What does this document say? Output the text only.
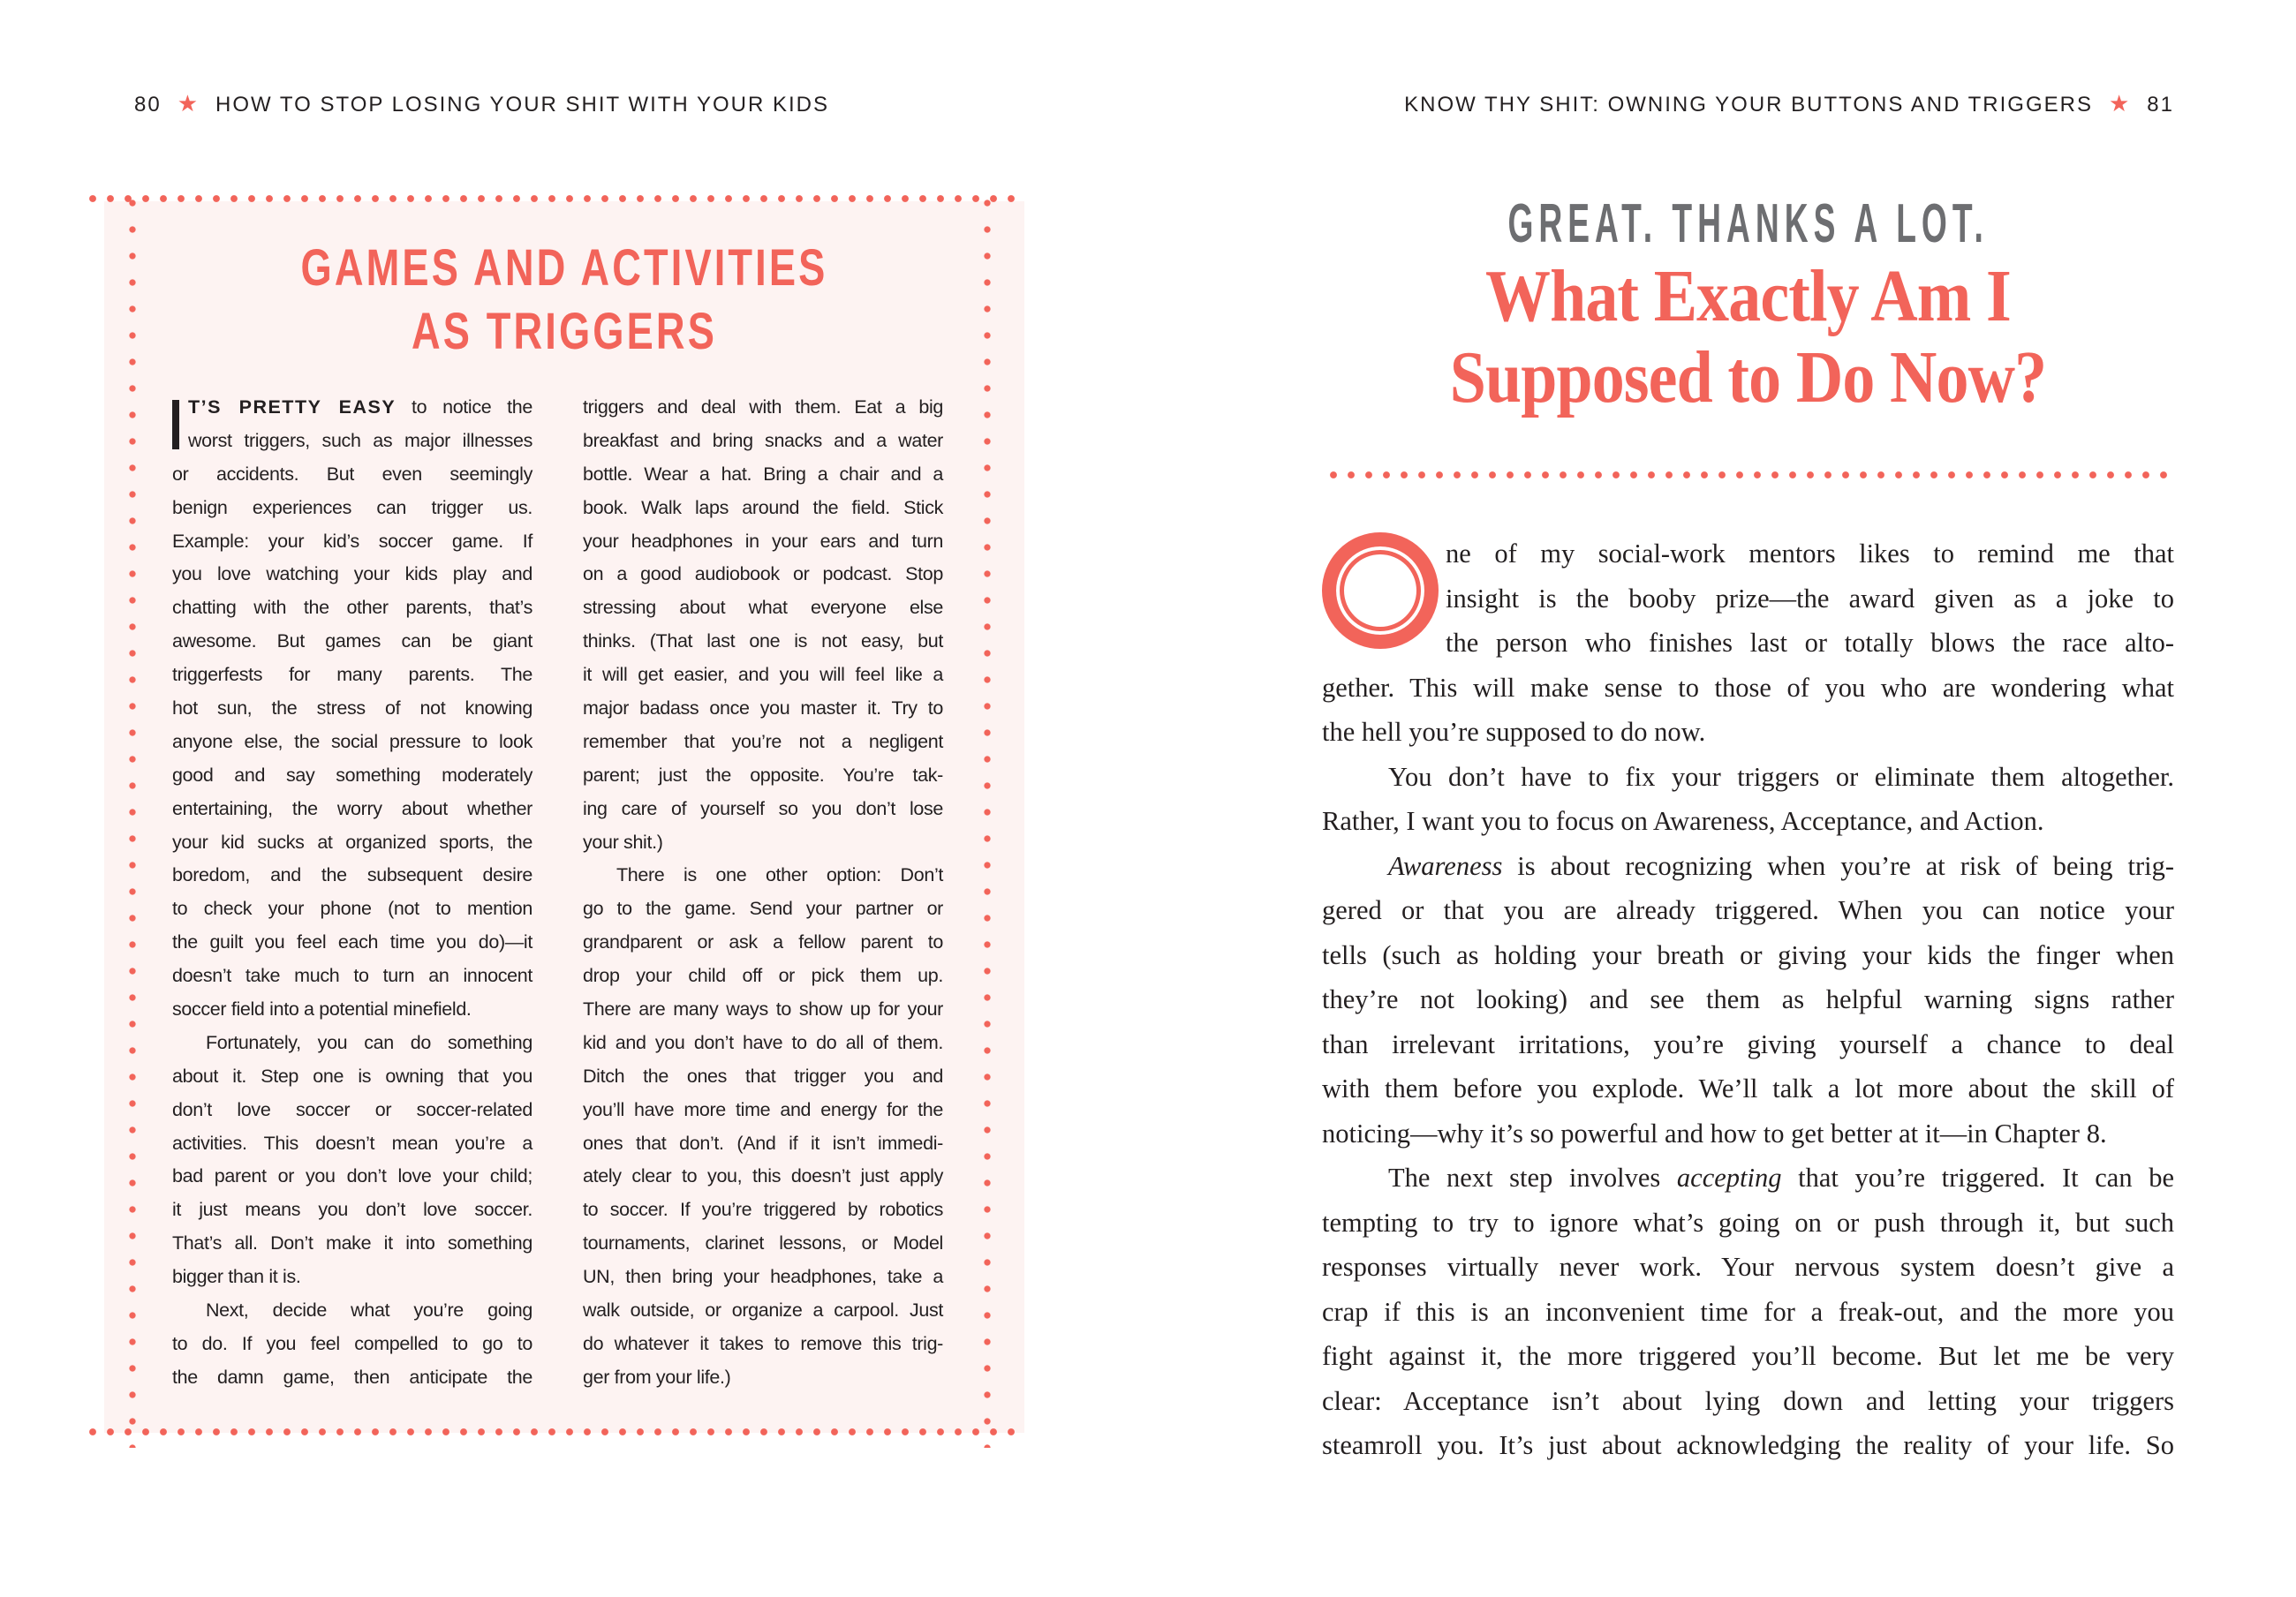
80 ★ HOW TO STOP LOSING YOUR SHIT WITH YOUR KIDS	KNOW THY SHIT: OWNING YOUR BUTTONS AND TRIGGERS ★ 81
GAMES AND ACTIVITIES
AS TRIGGERS
T’S PRETTY EASY to notice the
worst triggers, such as major illnesses
or accidents. But even seemingly
benign experiences can trigger us.
Example: your kid’s soccer game. If
you love watching your kids play and
chatting with the other parents, that’s
awesome. But games can be giant
triggerfests for many parents. The
hot sun, the stress of not knowing
anyone else, the social pressure to look
good and say something moderately
entertaining, the worry about whether
your kid sucks at organized sports, the
boredom, and the subsequent desire
to check your phone (not to mention
the guilt you feel each time you do)—it
doesn’t take much to turn an innocent
soccer field into a potential minefield.
Fortunately, you can do something
about it. Step one is owning that you
don’t love soccer or soccer-related
activities. This doesn’t mean you’re a
bad parent or you don’t love your child;
it just means you don’t love soccer.
That’s all. Don’t make it into something
bigger than it is.
Next, decide what you’re going
to do. If you feel compelled to go to
the damn game, then anticipate the
triggers and deal with them. Eat a big
breakfast and bring snacks and a water
bottle. Wear a hat. Bring a chair and a
book. Walk laps around the field. Stick
your headphones in your ears and turn
on a good audiobook or podcast. Stop
stressing about what everyone else
thinks. (That last one is not easy, but
it will get easier, and you will feel like a
major badass once you master it. Try to
remember that you’re not a negligent
parent; just the opposite. You’re tak-
ing care of yourself so you don’t lose
your shit.)
There is one other option: Don’t
go to the game. Send your partner or
grandparent or ask a fellow parent to
drop your child off or pick them up.
There are many ways to show up for your
kid and you don’t have to do all of them.
Ditch the ones that trigger you and
you’ll have more time and energy for the
ones that don’t. (And if it isn’t immedi-
ately clear to you, this doesn’t just apply
to soccer. If you’re triggered by robotics
tournaments, clarinet lessons, or Model
UN, then bring your headphones, take a
walk outside, or organize a carpool. Just
do whatever it takes to remove this trig-
ger from your life.)
GREAT. THANKS A LOT.
What Exactly Am I
Supposed to Do Now?
ne of my social-work mentors likes to remind me that
insight is the booby prize—the award given as a joke to
the person who finishes last or totally blows the race alto-
gether. This will make sense to those of you who are wondering what
the hell you’re supposed to do now.
You don’t have to fix your triggers or eliminate them altogether.
Rather, I want you to focus on Awareness, Acceptance, and Action.
Awareness is about recognizing when you’re at risk of being trig-
gered or that you are already triggered. When you can notice your
tells (such as holding your breath or giving your kids the finger when
they’re not looking) and see them as helpful warning signs rather
than irrelevant irritations, you’re giving yourself a chance to deal
with them before you explode. We’ll talk a lot more about the skill of
noticing—why it’s so powerful and how to get better at it—in Chapter 8.
The next step involves accepting that you’re triggered. It can be
tempting to try to ignore what’s going on or push through it, but such
responses virtually never work. Your nervous system doesn’t give a
crap if this is an inconvenient time for a freak-out, and the more you
fight against it, the more triggered you’ll become. But let me be very
clear: Acceptance isn’t about lying down and letting your triggers
steamroll you. It’s just about acknowledging the reality of your life. So
